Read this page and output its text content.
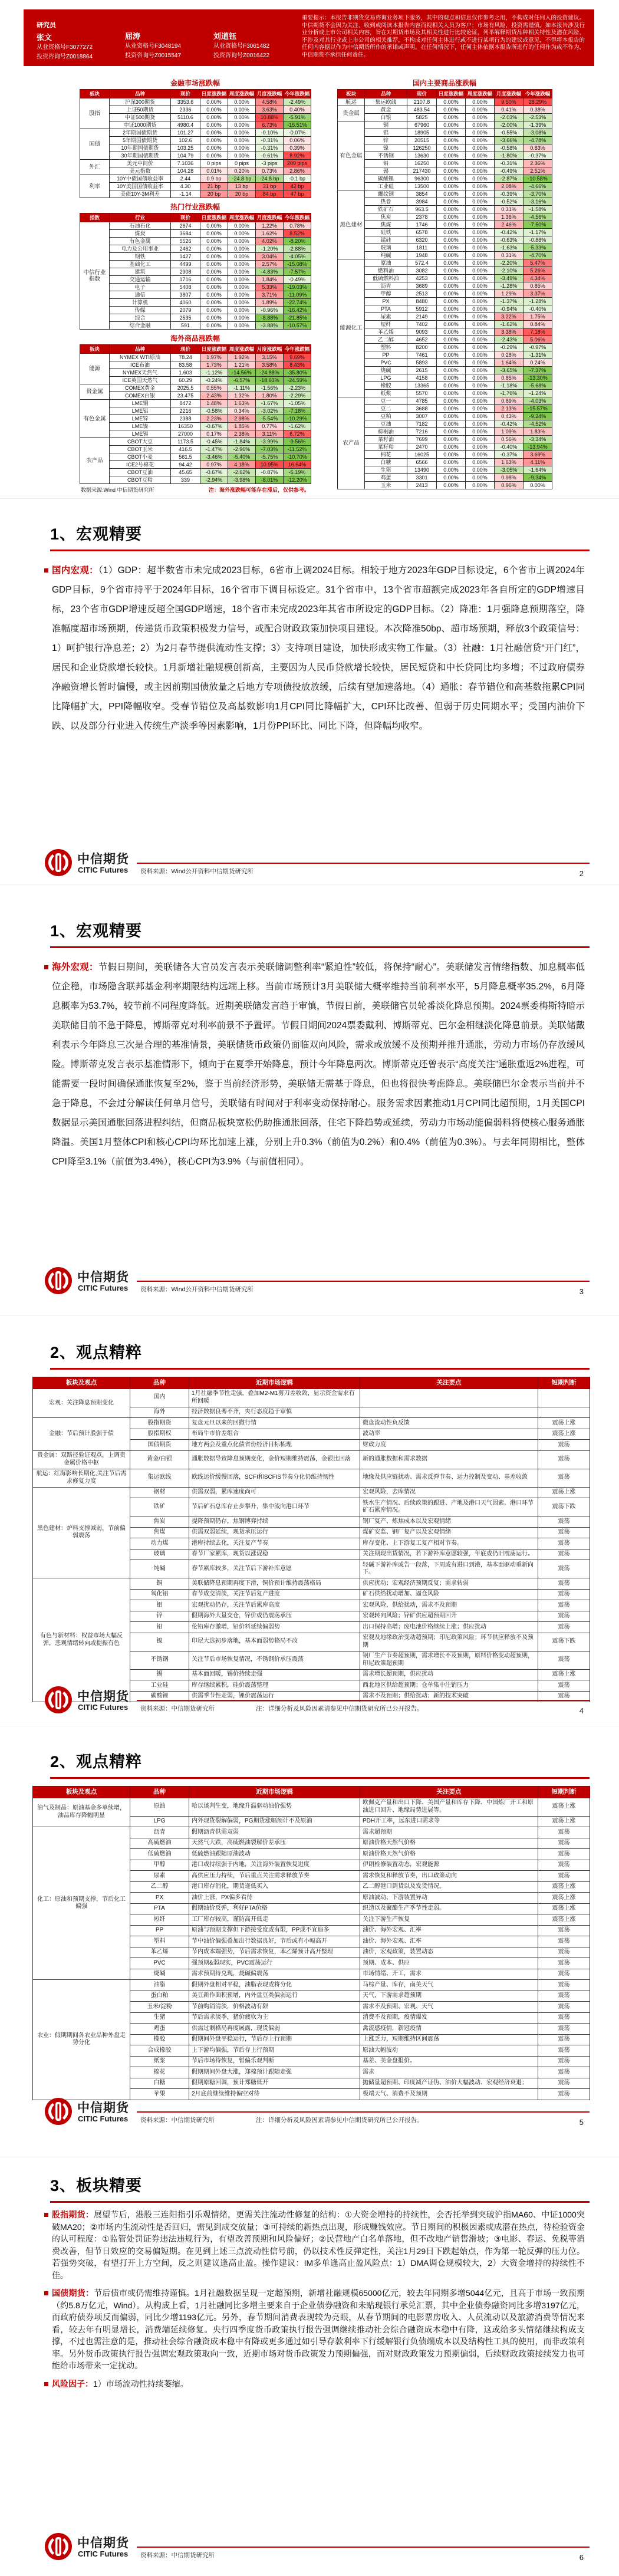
研究员
张文
从业资格号F3077272
投资咨询号Z0018864
屈涛
从业资格号F3048194
投资咨询号Z0015547
刘道钰
从业资格号F3061482
投资咨询号Z0016422
重要提示：本报告非期货交易咨询业务项下服务，其中的观点和信息仅作参考之用，不构成对任何人的投资建议。中信期货不会因为关注、收到或阅读本报告内容而视相关人员为客户；市场有风险，投资需谨慎。如本报告涉及行业分析或上市公司相关内容，旨在对期货市场及其相关性进行比较论证，列举解释期货品种相关特性及潜在风险，不涉及对其行业或上市公司的相关推荐，不构成对任何主体进行或不进行某项行为的建议或意见，不得将本报告的任何内容据以作为中信期货所作的承诺或声明。在任何情况下，任何主体依据本报告所进行的任何作为或不作为，中信期货不承担任何责任。
金融市场涨跌幅
板块	品种	现价	日度涨跌幅	周度涨跌幅	月度涨跌幅	今年涨跌幅
股指	沪深300期货	3353.6	0.00%	0.00%	4.58%	-2.49%
	上证50期货	2336	0.00%	0.00%	3.63%	0.40%
	中证500期货	5110.6	0.00%	0.00%	10.88%	-5.91%
	中证1000期货	4980.4	0.00%	0.00%	6.73%	-15.51%
国债	2年期国债期货	101.27	0.00%	0.00%	-0.10%	-0.07%
	5年期国债期货	102.6	0.00%	0.00%	-0.31%	0.06%
	10年期国债期货	103.25	0.00%	0.00%	-0.31%	0.39%
	30年期国债期货	104.79	0.00%	0.00%	-0.61%	8.92%
外汇	美元中间价	7.1036	0 pips	0 pips	-3 pips	209 pips
	美元指数	104.28	0.01%	0.20%	0.73%	2.86%
利率	10Y中债国债收益率	2.44	0.9 bp	-24.8 bp	-24.8 bp	-0.1 bp
	10Y美国国债收益率	4.30	21 bp	13 bp	31 bp	42 bp
	美债10Y-3M利差	-1.14	20 bp	20 bp	84 bp	47 bp
热门行业涨跌幅
指数	行业	现价	日度涨跌幅	周度涨跌幅	月度涨跌幅	今年涨跌幅
中信行业指数	石油石化	2674	0.00%	0.00%	1.22%	0.78%
	煤炭	3684	0.00%	0.00%	1.62%	8.52%
	有色金属	5526	0.00%	0.00%	4.02%	-8.20%
	电力及公用事业	2462	0.00%	0.00%	-1.20%	-2.88%
	钢铁	1427	0.00%	0.00%	3.04%	-4.05%
	基础化工	4499	0.00%	0.00%	2.57%	-15.08%
	建筑	2908	0.00%	0.00%	-4.83%	-7.57%
	交通运输	1716	0.00%	0.00%	1.84%	-0.49%
	电子	5408	0.00%	0.00%	5.33%	-19.03%
	通信	3807	0.00%	0.00%	3.71%	-11.09%
	计算机	4060	0.00%	0.00%	1.89%	-22.74%
	传媒	2079	0.00%	0.00%	-0.96%	-16.42%
	综合	2535	0.00%	0.00%	-8.88%	-21.85%
	综合金融	591	0.00%	0.00%	-3.88%	-10.57%
海外商品涨跌幅
板块	品种	现价	日度涨跌幅	周度涨跌幅	月度涨跌幅	今年涨跌幅
能源	NYMEX WTI原油	78.24	1.97%	1.92%	3.15%	9.69%
	ICE布油	83.58	1.73%	1.21%	3.58%	8.43%
	NYMEX天然气	1.603	-1.12%	-14.56%	-24.88%	-35.80%
	ICE英国天然气	60.29	-0.24%	-6.57%	-18.63%	-24.59%
贵金属	COMEX黄金	2025.5	0.55%	-1.11%	-1.56%	-2.23%
	COMEX白银	23.475	2.43%	1.32%	1.80%	-2.29%
有色金属	LME铜	8472	1.48%	1.63%	-1.67%	-1.05%
	LME铝	2216	-0.58%	0.34%	-3.02%	-7.18%
	LME锌	2388	2.23%	2.98%	-5.54%	-10.29%
	LME镍	16350	-0.67%	1.85%	0.77%	-1.62%
	LME锡	27000	0.17%	2.38%	3.11%	6.72%
农产品	CBOT大豆	1173.5	-0.45%	-1.84%	-3.99%	-9.56%
	CBOT玉米	416.5	-1.47%	-2.96%	-7.03%	-11.52%
	CBOT小麦	561.5	-3.46%	-5.40%	-5.75%	-10.70%
	ICE2号棉花	94.42	0.97%	4.18%	10.95%	16.64%
	CBOT豆油	45.65	-0.67%	-2.62%	-0.87%	-5.19%
	CBOT豆粕	339	-2.94%	-3.98%	-8.01%	-12.20%
数据来源:Wind 中信期货研究所	注：海外涨跌幅可能存在滞后，仅供参考。
国内主要商品涨跌幅
板块	品种	现价	日度涨跌幅	周度涨跌幅	月度涨跌幅	今年涨跌幅
航运	集运欧线	2107.8	0.00%	0.00%	9.50%	28.29%
贵金属	黄金	483.54	0.00%	0.00%	0.41%	0.38%
	白银	5825	0.00%	0.00%	-2.03%	-2.53%
有色金属	铜	67960	0.00%	0.00%	-2.00%	-1.39%
	铝	18905	0.00%	0.00%	-0.55%	-3.08%
	锌	20515	0.00%	0.00%	-3.66%	-4.78%
	镍	126250	0.00%	0.00%	-0.58%	0.83%
	不锈钢	13630	0.00%	0.00%	-1.80%	-0.37%
	铅	16250	0.00%	0.00%	-0.31%	2.36%
	锡	217430	0.00%	0.00%	-0.49%	2.51%
	碳酸锂	96300	0.00%	0.00%	-2.87%	-10.58%
	工业硅	13500	0.00%	0.00%	2.08%	-4.66%
黑色建材	螺纹钢	3854	0.00%	0.00%	-0.39%	-3.70%
	热卷	3984	0.00%	0.00%	-0.52%	-3.16%
	铁矿石	963.5	0.00%	0.00%	0.31%	-1.58%
	焦炭	2378	0.00%	0.00%	1.36%	-4.56%
	焦煤	1746	0.00%	0.00%	2.46%	-7.50%
	硅铁	6578	0.00%	0.00%	-0.42%	-1.17%
	锰硅	6320	0.00%	0.00%	-0.63%	-0.88%
	玻璃	1811	0.00%	0.00%	-1.63%	-5.33%
	纯碱	1948	0.00%	0.00%	0.31%	-4.70%
能源化工	原油	572.4	0.00%	0.00%	-2.20%	5.47%
	燃料油	3082	0.00%	0.00%	-2.10%	5.26%
	低硫燃料油	4253	0.00%	0.00%	-3.49%	4.34%
	沥青	3689	0.00%	0.00%	-1.28%	0.85%
	甲醇	2513	0.00%	0.00%	1.29%	3.37%
	PX	8480	0.00%	0.00%	-1.37%	-1.28%
	PTA	5912	0.00%	0.00%	-0.94%	-0.40%
	尿素	2149	0.00%	0.00%	3.22%	1.75%
	短纤	7402	0.00%	0.00%	-1.62%	0.84%
	苯乙烯	9093	0.00%	0.00%	3.38%	7.18%
	乙二醇	4652	0.00%	0.00%	-2.43%	5.06%
	塑料	8200	0.00%	0.00%	-0.29%	-0.97%
	PP	7461	0.00%	0.00%	0.28%	-1.31%
	PVC	5893	0.00%	0.00%	1.64%	0.24%
	烧碱	2615	0.00%	0.00%	-3.65%	-7.37%
	LPG	4158	0.00%	0.00%	0.85%	-13.30%
	橡胶	13365	0.00%	0.00%	-1.18%	-5.68%
	纸浆	5570	0.00%	0.00%	-1.76%	-1.24%
农产品	豆一	4785	0.00%	0.00%	0.89%	-4.03%
	豆二	3688	0.00%	0.00%	2.13%	-15.57%
	豆粕	3007	0.00%	0.00%	0.43%	-9.24%
	豆油	7182	0.00%	0.00%	-0.42%	-4.52%
	棕榈油	7216	0.00%	0.00%	1.09%	1.83%
	菜籽油	7699	0.00%	0.00%	0.56%	-3.34%
	菜籽粕	2470	0.00%	0.00%	-0.40%	-13.94%
	棉花	16025	0.00%	0.00%	-0.37%	3.69%
	白糖	6566	0.00%	0.00%	1.63%	4.11%
	生猪	13490	0.00%	0.00%	-3.05%	-1.64%
	鸡蛋	3301	0.00%	0.00%	0.98%	-9.34%
	玉米	2413	0.00%	0.00%	0.96%	0.00%
1、宏观精要
国内宏观：（1）GDP：超半数省市未完成2023目标，6省市上调2024目标。相较于地方2023年GDP目标设定，6个省市上调2024年GDP目标，9个省市持平于2024年目标，16个省市下调目标设定。31个省市中，13个省市超额完成2023年各自所定的GDP增速目标，23个省市GDP增速反超全国GDP增速，18个省市未完成2023年其省市所设定的GDP目标。（2）降准：1月强降息预期落空，降准幅度超市场预期，传递货币政策积极发力信号，或配合财政政策加快项目建设。本次降准50bp、超市场预期，释放3个政策信号：1）呵护银行净息差；2）为2月春节提供流动性支撑；3）支持项目建设，加快形成实物工作量。（3）社融：1月社融信贷“开门红”，居民和企业贷款增长较快。1月新增社融规模创新高，主要因为人民币贷款增长较快，居民短贷和中长贷同比均多增；不过政府债券净融资增长暂时偏慢，或主因前期国债放量之后地方专项债投放放缓，后续有望加速落地。（4）通胀：春节错位和高基数拖累CPI同比降幅扩大，PPI降幅收窄。受春节错位及高基数影响1月CPI同比降幅扩大，CPI环比改善、但弱于历史同期水平；受国内油价下跌、以及部分行业进入传统生产淡季等因素影响，1月份PPI环比、同比下降，但降幅均收窄。
中信期货
CITIC Futures 资料来源：Wind公开资料中信期货研究所	2
1、宏观精要
海外宏观：节假日期间，美联储各大官员发言表示美联储调整利率“紧迫性”较低，将保持“耐心”。美联储发言情绪指数、加息概率低位企稳，市场隐含联邦基金利率期限结构远端上移。当前市场预计3月美联储大概率维持当前利率水平，5月降息概率35.2%，6月降息概率为53.7%，较节前不同程度降低。近期美联储发言趋于审慎，节假日前，美联储官员轮番淡化降息预期。2024票委梅斯特暗示美联储目前不急于降息，博斯蒂克对利率前景不予置评。节假日期间2024票委戴利、博斯蒂克、巴尔金相继淡化降息前景。美联储戴利表示今年降息三次是合理的基准情景，美联储货币政策仍面临双向风险，需求或放缓不及预期并推升通胀，劳动力市场仍存放缓风险。博斯蒂克发言表示基准情形下，倾向于在夏季开始降息，预计今年降息两次。博斯蒂克还曾表示“高度关注”通胀重返2%进程，可能需要一段时间确保通胀恢复至2%，鉴于当前经济形势，美联储无需基于降息，但也将很快考虑降息。美联储巴尔金表示当前并不急于降息，不会过分解读任何单月信号，美联储有时间对于利率变动保持耐心。服务需求因素推动1月CPI同比超预期，1月美国CPI数据显示美国通胀回落进程纠结，但商品板块宽松仍助推通胀回落，住宅下降趋势或延续，劳动力市场动能偏弱料将使核心服务通胀降温。美国1月整体CPI和核心CPI均环比加速上涨，分别上升0.3%（前值为0.2%）和0.4%（前值为0.3%）。与去年同期相比，整体CPI降至3.1%（前值为3.4%），核心CPI为3.9%（与前值相同）。
中信期货
CITIC Futures 资料来源：Wind公开资料中信期货研究所	3
2、观点精粹
板块及观点	品种	近期市场逻辑	关注要点	短期判断
宏观：关注降息预期变化	国内	1月社融季节性走强，叠加M2-M1剪刀差收敛，显示资金需求有所回暖		
	海外	经济数据良莠不齐，央行态度趋于审慎		
金融：节后预计股强于债	股指期货	复盘元旦以来的回撤行情	微盘流动性负反馈	震荡上涨
	股指期权	布局牛市价差组合	波动率	震荡上涨
	国债期货	地方两会及重点化债省份经济目标梳理	财政力度	震荡
贵金属：双路径验证观点，上调贵金属价格中枢	黄金/白银	通胀数据导致降息预期变化，金价短期维持震荡，金银比回落	新的通胀数据和需求数据	震荡
航运：红海影响长期化,关注节后需求修复力度	集运欧线	欧线运价缓慢回落，SCFI和SCFIS节奏分化仍维持韧性	地缘及供应链扰动、需求反弹节奏、运力控制及变动、基差收敛	震荡
黑色建材：炉料支撑减弱，节前偏弱震荡	钢材	供需双弱，累库速度尚可	宏观风险，去库情况	震荡上涨
	铁矿	节后矿石总库存止步攀升，集中流向港口环节	铁水生产情况、后续政策的跟进、产地及港口天气因素、港口环节矿石累库情况。	震荡下跌
	焦炭	提降预期仍存，焦钢博弈持续	钢厂复产、炼焦成本以及宏观情绪	震荡
	焦煤	供需双弱延续，现货承压运行	煤矿安监、钢厂复产以及宏观情绪	震荡
	动力煤	港库持续去化，关注复产节奏	库存变化、上下游复工复产相对节奏。	震荡
	玻璃	春节厂家累库，现货以涨促稳	关注期现出货情况，若下游补库意愿较强，年底或仍旧震荡运行。	震荡
	纯碱	春节累库较多，关注节后下游补库意愿	轻碱下游补库或告一段落，下周或有进口到港，基本面驱动重新向下。	震荡
有色与新材料：权益市场大幅反弹，悲观情绪转向或提振有色	铜	美联储降息预期再度下滑，铜价预计维持震荡格局	供应扰动；宏观经济预期反复；需求转弱	震荡
	氧化铝	春节成交清淡，关注节后复产进度	矿石供给扰动增加、逼仓风险	震荡
	铝	宏观扰动仍存，关注节后累库高度	宏观风险，供给扰动，需求不及预期	震荡
	锌	假期海外大量交仓，锌价或仍震荡承压	宏观转向风险；锌矿供应超预期回升	震荡
	铅	伦铅库存激增，铅价料延续偏弱势	出口保持高增；废电池价格继续上涨；供应扰动	震荡
	镍	印尼大选初步落地，基本面弱势格局不改	宏观及地缘政治变动超预期；印尼政策风险；环节供应释放不及预期	震荡下跌
	不锈钢	关注节后市场恢复情况，不锈钢价承压震荡	钢厂生产节奏超预期，需求增长不及预期，原料价格变动超预期，印尼政策超预期	震荡
	锡	基本面回暖，锡价持续走强	需求增长超预期，供应扰动	震荡上涨
	工业硅	库存继续累积，硅价震荡整理	西北地区供给超预期；仓单集中注销压力	震荡
	碳酸锂	供需季节性走弱，锂价震荡运行	需求不及预期；供给扰动；新的技术突破	震荡
中信期货
CITIC Futures 资料来源：中信期货研究所	注：详细分析及风险因素请参见中信期货研究所已公开报告。	4
2、观点精粹
板块及观点	品种	近期市场逻辑	关注要点	短期判断
油气及制品：原油基金多单续增，油品库存降幅明显	原油	哈以谈判生变，地缘升温驱动油价强势	欧佩克产量和出口下降、美国产量和库存下降、中国炼厂开工和原油进口回升、地缘局势进展等。	震荡上涨
	LPG	内外现货裂解偏弱，PG期货涨幅预计不及原油	PDH开工率，远东进口需求等	震荡上涨
化工：原油和预期支撑，节后化工偏强	沥青	假期沥青供需双弱	需求超预期	震荡
	高硫燃油	天然气大跌，高硫燃油裂解价差承压	原油价格天然气价格	震荡
	低硫燃油	低硫燃油跟随原油波动	原油价格天然气价格	震荡
	甲醇	港口或持续强于内地，关注海外装置恢复进度	伊朗检修装置动态，宏观能源	震荡
	尿素	高供应压力持续，节后重点关注需求释放节奏	需求恢复和释放节奏，出口政策动向	震荡
	乙二醇	港口库存消化，期货逢低买入	乙二醇港口到货以及发货情况。	震荡上涨
	PX	油价上涨，PX偏多看待	原油波动、下游装置异动	震荡上涨
	PTA	假期油价反弹，利好PTA价格	织造以及聚酯生产季节性走弱。	震荡上涨
	短纤	工厂库存较高，谨防高开低走	关注下游生产恢复	震荡上涨
	PP	原油与预期支撑但下游接受度或有限，PP或不宜追多	油价、海外宏观、汇率	震荡
	塑料	节中油价偏强叠加出行数据良好，节后或有小幅高开	油价、海外宏观、汇率	震荡
	苯乙烯	节内成本端强势，节后需求恢复，苯乙烯预计高开整理	油价，宏观政策，装置动态	震荡
	PVC	强预期&弱现实，PVC震荡运行	预期、成本、供应	震荡
	烧碱	需求预期待兑现，烧碱偏震荡	市场情绪、开工，需求	震荡
农业：假期期间各农业品种外盘走势分化	油脂	假期外盘相对平稳，油脂表现或将分化	马棕产量、库存，南美天气	震荡
	蛋白粕	美豆新作面积预增，内外盘豆类偏弱运行	天气，下游需求超预期	震荡
	玉米/淀粉	节前购销清淡，价格波动有限	需求不及预期、宏观、天气	震荡
	生猪	节后需求淡季，猪价疲软为主	消费不及预期，疫情爆发	震荡
	鸡蛋	供需过剩格局再度展露，现货偏弱	禽流感疫情，新冠疫情	震荡
	橡胶	假期间外盘平稳运行，节后存上行预期	上涨乏力，短期维持区间震荡	震荡
	合成橡胶	上下游均偏强，节后存上行预期	原油大幅波动	震荡
	纸浆	节后市场待恢复，暂偏乐观判断	基差、美金盘报价。	震荡
	棉花	假期期间外盘大涨，郑棉预计跟随走强	需求	震荡
	白糖	假期原糖回调，预计郑糖低开	抛储量超预期、印度减产证伪、油价大幅波动、宏观经济衰退；	震荡
	苹果	2月底前继续维持偏空对待	极端天气、消费不及预期	震荡
中信期货
CITIC Futures 资料来源：中信期货研究所	注：详细分析及风险因素请参见中信期货研究所已公开报告。	5
3、板块精要
股指期货：展望节后，港股三连阳指引乐观情绪，更需关注流动性修复的结构：①大资金增持的持续性，会否托举到突破沪指MA60、中证1000突破MA20；②市场内生流动性是否回归，需见到成交放量；③可持续的新热点出现，形成赚钱效应。节日期间的积极因素或成潜在热点，待检验资金的认可程度：①监管处罚证券违法违规行为，有望改善预期和风险偏好；②民营地产白名单落地，但不改地产销售滑坡；③电影、春运、免税等消费改善，但节日效应的交易偏短期。在见到上述三点流动性信号前，仍以技术性反弹定性，关注1月29日下跌起始点，作为第一轮反弹的压力位。若强势突破，有望打开上方空间，反之则建议逢高止盈。操作建议：IM多单逢高止盈风险点：1）DMA调仓规模较大，2）大资金增持的持续性不佳。
国债期货：节后债市或仍需维持谨慎。1月社融数据呈现一定超预期，新增社融规模65000亿元，较去年同期多增5044亿元，且高于市场一致预期（约5.8万亿元，Wind）。从构成上看，1月社融同比多增主要来自于企业债券融资和未贴现银行承兑汇票，其中企业债券融资同比多增3197亿元，而政府债券项反而偏弱，同比少增1193亿元。另外，春节期间消费表现较为亮眼，从春节期间的电影票房收入、人员流动以及旅游消费等情况来看，较去年有明显增长，消费端延续修复。央行四季度货币政策执行报告强调继续推动社会综合融资成本稳中有降，这或给多头情绪继续构成支撑，不过也需注意的是，推动社会综合融资成本稳中有降或更多通过如引导存款利率下行缓解银行负债端成本以及结构性工具的使用，而非政策利率。另外货币政策执行报告强调宏观政策取向一致，近期市场对货币政策发力预期偏强，而对财政政策发力预期偏弱，后续财政政策接续发力也可能给市场带来一定扰动。
风险因子：1）市场流动性持续萎缩。
中信期货
CITIC Futures 资料来源：中信期货研究所	6
